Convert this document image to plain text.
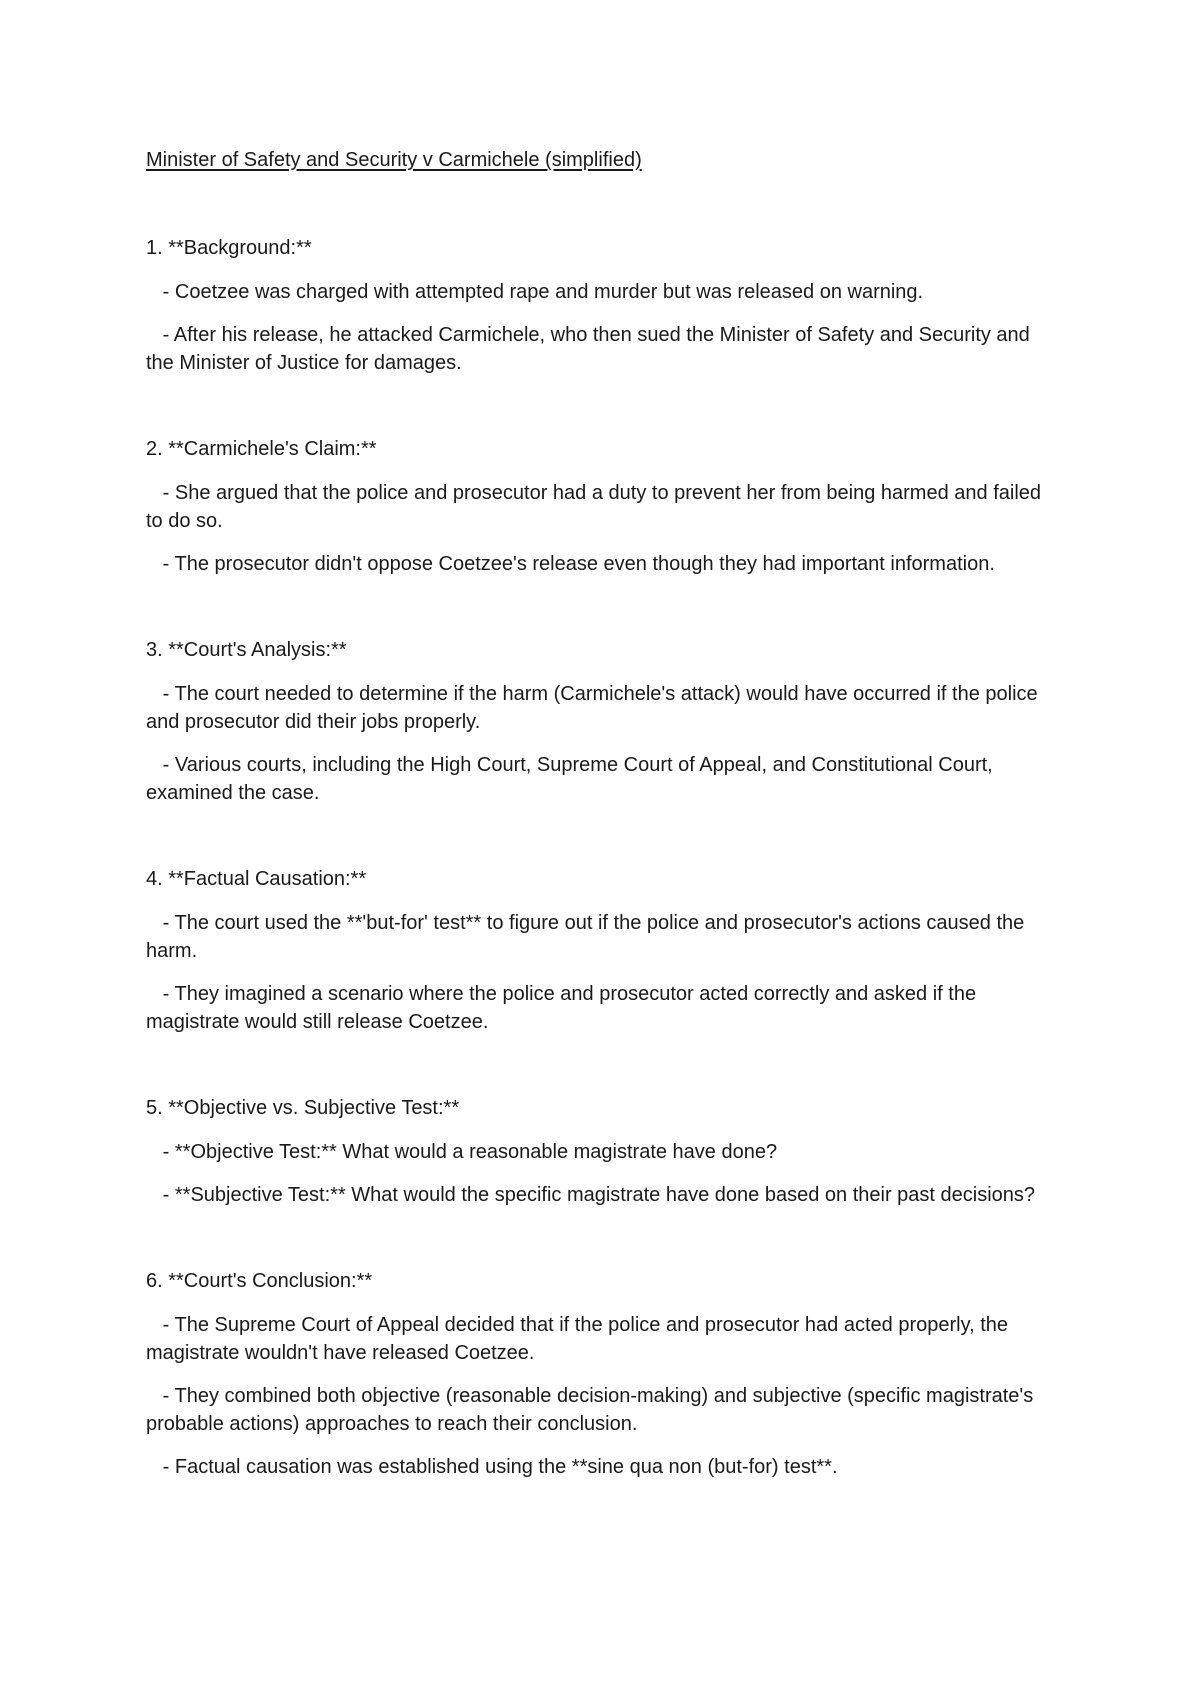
Minister of Safety and Security v Carmichele (simplified)

1. **Background:**

- Coetzee was charged with attempted rape and murder but was released on warning.

- After his release, he attacked Carmichele, who then sued the Minister of Safety and Security and the Minister of Justice for damages.

2. **Carmichele's Claim:**

- She argued that the police and prosecutor had a duty to prevent her from being harmed and failed to do so.

- The prosecutor didn't oppose Coetzee's release even though they had important information.

3. **Court's Analysis:**

- The court needed to determine if the harm (Carmichele's attack) would have occurred if the police and prosecutor did their jobs properly.

- Various courts, including the High Court, Supreme Court of Appeal, and Constitutional Court, examined the case.

4. **Factual Causation:**

- The court used the **'but-for' test** to figure out if the police and prosecutor's actions caused the harm.

- They imagined a scenario where the police and prosecutor acted correctly and asked if the magistrate would still release Coetzee.

5. **Objective vs. Subjective Test:**

- **Objective Test:** What would a reasonable magistrate have done?

- **Subjective Test:** What would the specific magistrate have done based on their past decisions?

6. **Court's Conclusion:**

- The Supreme Court of Appeal decided that if the police and prosecutor had acted properly, the magistrate wouldn't have released Coetzee.

- They combined both objective (reasonable decision-making) and subjective (specific magistrate's probable actions) approaches to reach their conclusion.

- Factual causation was established using the **sine qua non (but-for) test**.
